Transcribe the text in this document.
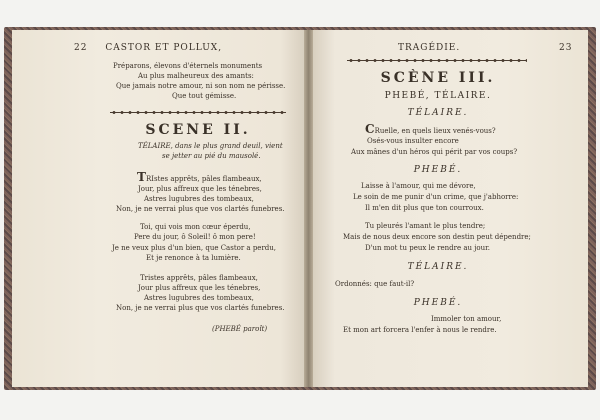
22 CASTOR ET POLLUX,
Préparons, élevons d'éternels monuments
Au plus malheureux des amants:
Que jamais notre amour, ni son nom ne périsse.
Que tout gémisse.
SCENE II.
TÉLAIRE, dans le plus grand deuil, vient
se jetter au pié du mausolé.
TRIstes apprêts, pâles flambeaux,
Jour, plus affreux que les ténebres,
Astres lugubres des tombeaux,
Non, je ne verrai plus que vos clartés funebres.
Toi, qui vois mon cœur éperdu,
Pere du jour, ô Soleil! ô mon pere!
Je ne veux plus d'un bien, que Castor a perdu,
Et je renonce à ta lumière.
Tristes apprêts, pâles flambeaux,
Jour plus affreux que les ténebres,
Astres lugubres des tombeaux,
Non, je ne verrai plus que vos clartés funebres.
(PHEBÉ paroît)
TRAGÉDIE.	23
SCÈNE III.
PHEBÉ, TÉLAIRE.
TÉLAIRE.
CRuelle, en quels lieux venés-vous?
Osés-vous insulter encore
Aux mânes d'un héros qui périt par vos coups?
PHEBÉ.
Laisse à l'amour, qui me dévore,
Le soin de me punir d'un crime, que j'abhorre:
Il m'en dit plus que ton courroux.
Tu pleurés l'amant le plus tendre;
Mais de nous deux encore son destin peut dépendre;
D'un mot tu peux le rendre au jour.
TÉLAIRE.
Ordonnés: que faut-il?
PHEBÉ.
Immoler ton amour,
Et mon art forcera l'enfer à nous le rendre.
